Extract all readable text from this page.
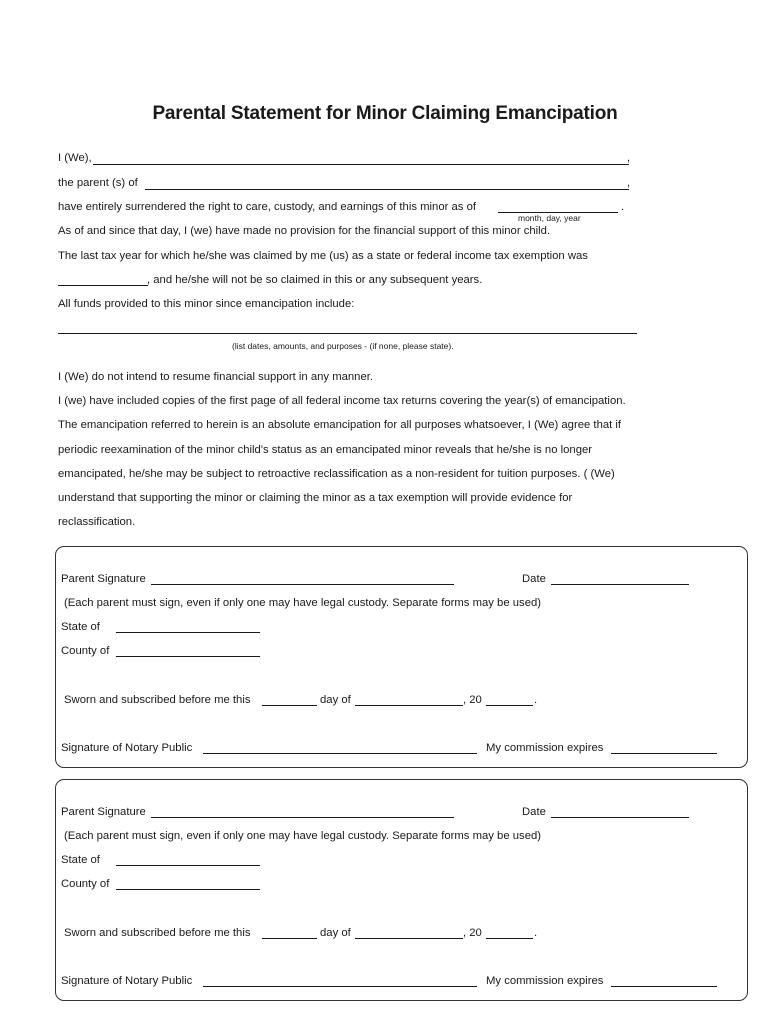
Parental Statement for Minor Claiming Emancipation
I (We),	,
the parent (s) of	,
have entirely surrendered the right to care, custody, and earnings of this minor as of	.
month, day, year
As of and since that day, I (we) have made no provision for the financial support of this minor child.
The last tax year for which he/she was claimed by me (us) as a state or federal income tax exemption was
, and he/she will not be so claimed in this or any subsequent years.
All funds provided to this minor since emancipation include:
(list dates, amounts, and purposes - (if none, please state).
I (We) do not intend to resume financial support in any manner.
I (we) have included copies of the first page of all federal income tax returns covering the year(s) of emancipation.
The emancipation referred to herein is an absolute emancipation for all purposes whatsoever, I (We) agree that if
periodic reexamination of the minor child's status as an emancipated minor reveals that he/she is no longer
emancipated, he/she may be subject to retroactive reclassification as a non-resident for tuition purposes. ( (We)
understand that supporting the minor or claiming the minor as a tax exemption will provide evidence for
reclassification.
Parent Signature	Date
(Each parent must sign, even if only one may have legal custody. Separate forms may be used)
State of
County of
Sworn and subscribed before me this	day of	, 20	.
Signature of Notary Public	My commission expires
Parent Signature	Date
(Each parent must sign, even if only one may have legal custody. Separate forms may be used)
State of
County of
Sworn and subscribed before me this	day of	, 20	.
Signature of Notary Public	My commission expires
